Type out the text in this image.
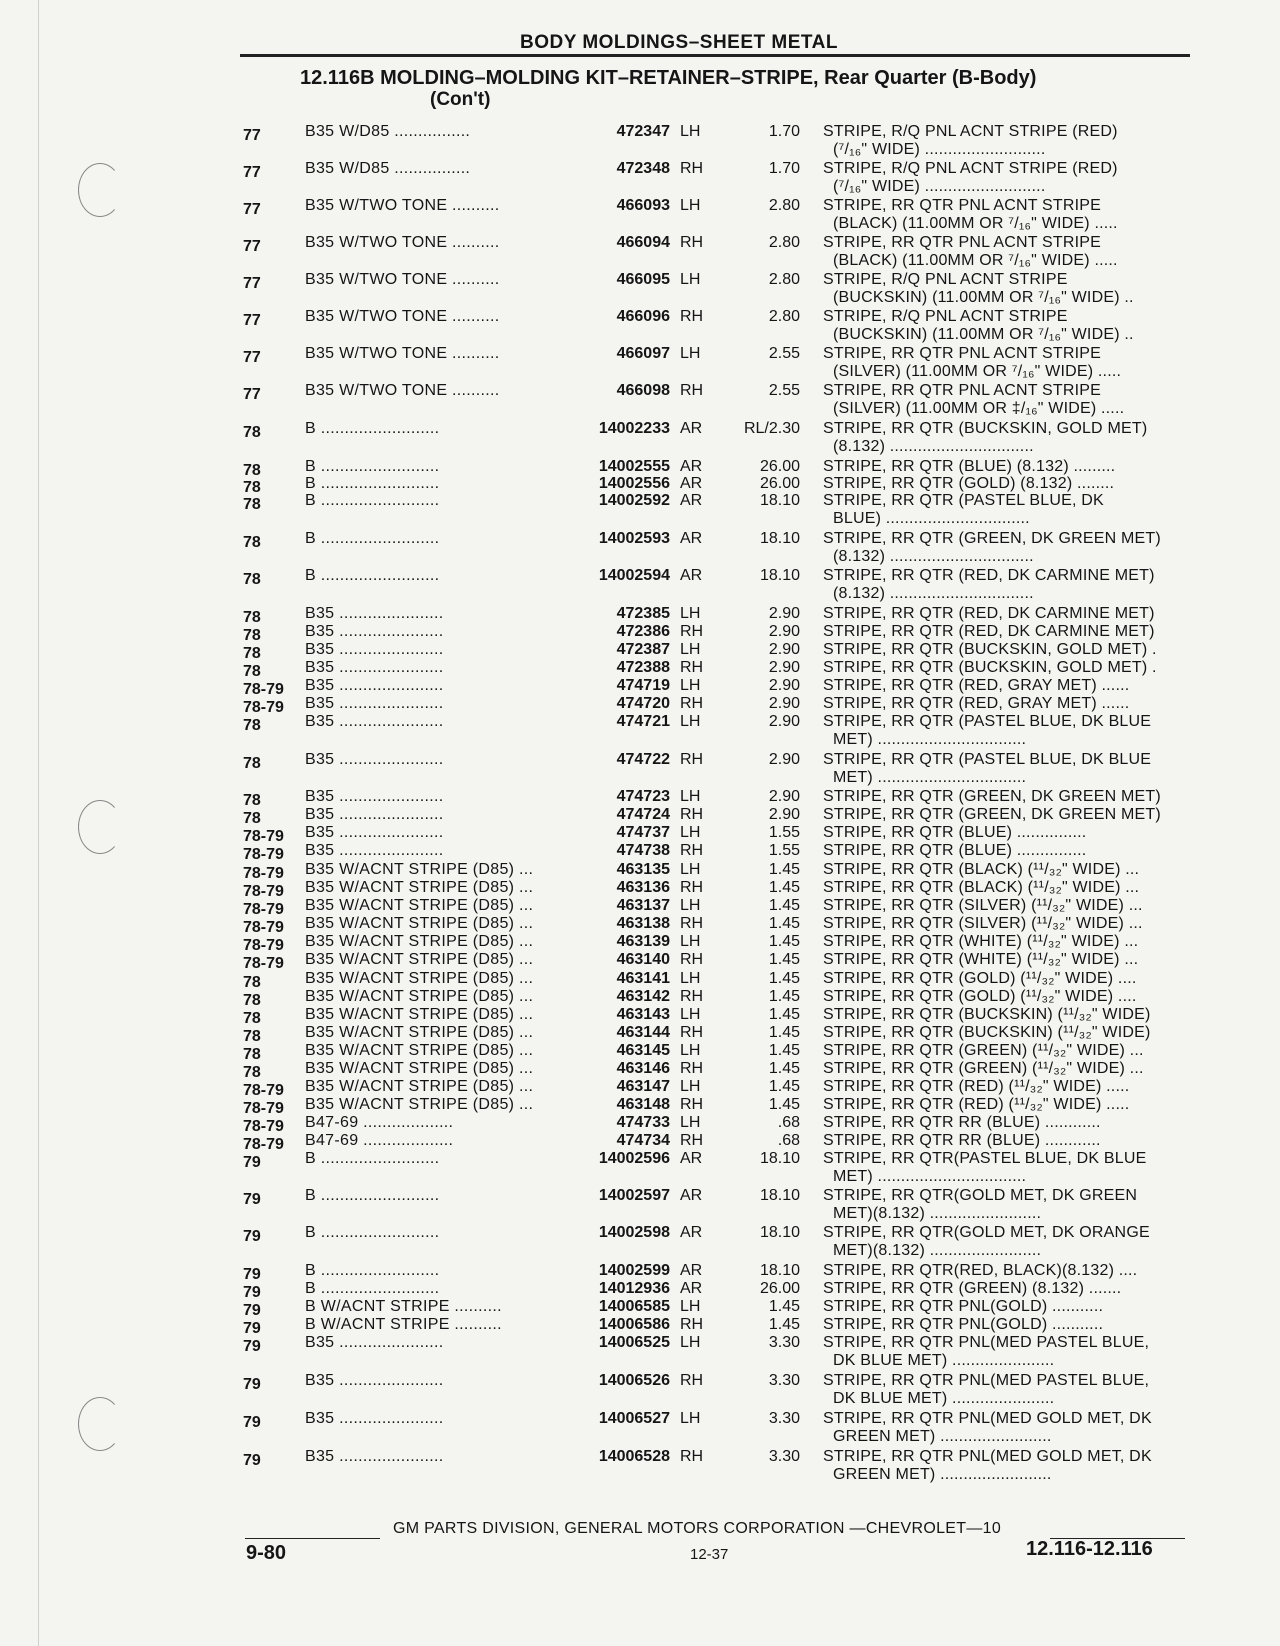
BODY MOLDINGS–SHEET METAL
12.116B MOLDING–MOLDING KIT–RETAINER–STRIPE, Rear Quarter (B-Body)
(Con't)
77	B35 W/D85 ................	472347 LH	1.70 STRIPE, R/Q PNL ACNT STRIPE (RED)
(⁷/₁₆" WIDE) ..........................
77	B35 W/D85 ................	472348 RH	1.70 STRIPE, R/Q PNL ACNT STRIPE (RED)
(⁷/₁₆" WIDE) ..........................
77	B35 W/TWO TONE ..........	466093 LH	2.80 STRIPE, RR QTR PNL ACNT STRIPE
(BLACK) (11.00MM OR ⁷/₁₆" WIDE) .....
77	B35 W/TWO TONE ..........	466094 RH	2.80 STRIPE, RR QTR PNL ACNT STRIPE
(BLACK) (11.00MM OR ⁷/₁₆" WIDE) .....
77	B35 W/TWO TONE ..........	466095 LH	2.80 STRIPE, R/Q PNL ACNT STRIPE
(BUCKSKIN) (11.00MM OR ⁷/₁₆" WIDE) ..
77	B35 W/TWO TONE ..........	466096 RH	2.80 STRIPE, R/Q PNL ACNT STRIPE
(BUCKSKIN) (11.00MM OR ⁷/₁₆" WIDE) ..
77	B35 W/TWO TONE ..........	466097 LH	2.55 STRIPE, RR QTR PNL ACNT STRIPE
(SILVER) (11.00MM OR ⁷/₁₆" WIDE) .....
77	B35 W/TWO TONE ..........	466098 RH	2.55 STRIPE, RR QTR PNL ACNT STRIPE
(SILVER) (11.00MM OR ‡/₁₆" WIDE) .....
78	B .........................	14002233 AR	RL/2.30 STRIPE, RR QTR (BUCKSKIN, GOLD MET)
(8.132) ...............................
78	B .........................	14002555 AR	26.00 STRIPE, RR QTR (BLUE) (8.132) .........
78	B .........................	14002556 AR	26.00 STRIPE, RR QTR (GOLD) (8.132) ........
78	B .........................	14002592 AR	18.10 STRIPE, RR QTR (PASTEL BLUE, DK
BLUE) ...............................
78	B .........................	14002593 AR	18.10 STRIPE, RR QTR (GREEN, DK GREEN MET)
(8.132) ...............................
78	B .........................	14002594 AR	18.10 STRIPE, RR QTR (RED, DK CARMINE MET)
(8.132) ...............................
78	B35 ......................	472385 LH	2.90 STRIPE, RR QTR (RED, DK CARMINE MET)
78	B35 ......................	472386 RH	2.90 STRIPE, RR QTR (RED, DK CARMINE MET)
78	B35 ......................	472387 LH	2.90 STRIPE, RR QTR (BUCKSKIN, GOLD MET) .
78	B35 ......................	472388 RH	2.90 STRIPE, RR QTR (BUCKSKIN, GOLD MET) .
78-79 B35 ......................	474719 LH	2.90 STRIPE, RR QTR (RED, GRAY MET) ......
78-79 B35 ......................	474720 RH	2.90 STRIPE, RR QTR (RED, GRAY MET) ......
78	B35 ......................	474721 LH	2.90 STRIPE, RR QTR (PASTEL BLUE, DK BLUE
MET) ................................
78	B35 ......................	474722 RH	2.90 STRIPE, RR QTR (PASTEL BLUE, DK BLUE
MET) ................................
78	B35 ......................	474723 LH	2.90 STRIPE, RR QTR (GREEN, DK GREEN MET)
78	B35 ......................	474724 RH	2.90 STRIPE, RR QTR (GREEN, DK GREEN MET)
78-79 B35 ......................	474737 LH	1.55 STRIPE, RR QTR (BLUE) ...............
78-79 B35 ......................	474738 RH	1.55 STRIPE, RR QTR (BLUE) ...............
78-79 B35 W/ACNT STRIPE (D85) ...	463135 LH	1.45 STRIPE, RR QTR (BLACK) (¹¹/₃₂" WIDE) ...
78-79 B35 W/ACNT STRIPE (D85) ...	463136 RH	1.45 STRIPE, RR QTR (BLACK) (¹¹/₃₂" WIDE) ...
78-79 B35 W/ACNT STRIPE (D85) ...	463137 LH	1.45 STRIPE, RR QTR (SILVER) (¹¹/₃₂" WIDE) ...
78-79 B35 W/ACNT STRIPE (D85) ...	463138 RH	1.45 STRIPE, RR QTR (SILVER) (¹¹/₃₂" WIDE) ...
78-79 B35 W/ACNT STRIPE (D85) ...	463139 LH	1.45 STRIPE, RR QTR (WHITE) (¹¹/₃₂" WIDE) ...
78-79 B35 W/ACNT STRIPE (D85) ...	463140 RH	1.45 STRIPE, RR QTR (WHITE) (¹¹/₃₂" WIDE) ...
78	B35 W/ACNT STRIPE (D85) ...	463141 LH	1.45 STRIPE, RR QTR (GOLD) (¹¹/₃₂" WIDE) ....
78	B35 W/ACNT STRIPE (D85) ...	463142 RH	1.45 STRIPE, RR QTR (GOLD) (¹¹/₃₂" WIDE) ....
78	B35 W/ACNT STRIPE (D85) ...	463143 LH	1.45 STRIPE, RR QTR (BUCKSKIN) (¹¹/₃₂" WIDE)
78	B35 W/ACNT STRIPE (D85) ...	463144 RH	1.45 STRIPE, RR QTR (BUCKSKIN) (¹¹/₃₂" WIDE)
78	B35 W/ACNT STRIPE (D85) ...	463145 LH	1.45 STRIPE, RR QTR (GREEN) (¹¹/₃₂" WIDE) ...
78	B35 W/ACNT STRIPE (D85) ...	463146 RH	1.45 STRIPE, RR QTR (GREEN) (¹¹/₃₂" WIDE) ...
78-79 B35 W/ACNT STRIPE (D85) ...	463147 LH	1.45 STRIPE, RR QTR (RED) (¹¹/₃₂" WIDE) .....
78-79 B35 W/ACNT STRIPE (D85) ...	463148 RH	1.45 STRIPE, RR QTR (RED) (¹¹/₃₂" WIDE) .....
78-79 B47-69 ...................	474733 LH	.68 STRIPE, RR QTR RR (BLUE) ............
78-79 B47-69 ...................	474734 RH	.68 STRIPE, RR QTR RR (BLUE) ............
79	B .........................	14002596 AR	18.10 STRIPE, RR QTR(PASTEL BLUE, DK BLUE
MET) ................................
79	B .........................	14002597 AR	18.10 STRIPE, RR QTR(GOLD MET, DK GREEN
MET)(8.132) ........................
79	B .........................	14002598 AR	18.10 STRIPE, RR QTR(GOLD MET, DK ORANGE
MET)(8.132) ........................
79	B .........................	14002599 AR	18.10 STRIPE, RR QTR(RED, BLACK)(8.132) ....
79	B .........................	14012936 AR	26.00 STRIPE, RR QTR (GREEN) (8.132) .......
79	B W/ACNT STRIPE ..........	14006585 LH	1.45 STRIPE, RR QTR PNL(GOLD) ...........
79	B W/ACNT STRIPE ..........	14006586 RH	1.45 STRIPE, RR QTR PNL(GOLD) ...........
79	B35 ......................	14006525 LH	3.30 STRIPE, RR QTR PNL(MED PASTEL BLUE,
DK BLUE MET) ......................
79	B35 ......................	14006526 RH	3.30 STRIPE, RR QTR PNL(MED PASTEL BLUE,
DK BLUE MET) ......................
79	B35 ......................	14006527 LH	3.30 STRIPE, RR QTR PNL(MED GOLD MET, DK
GREEN MET) ........................
79	B35 ......................	14006528 RH	3.30 STRIPE, RR QTR PNL(MED GOLD MET, DK
GREEN MET) ........................
GM PARTS DIVISION, GENERAL MOTORS CORPORATION —CHEVROLET—10
9-80	12-37	12.116-12.116
